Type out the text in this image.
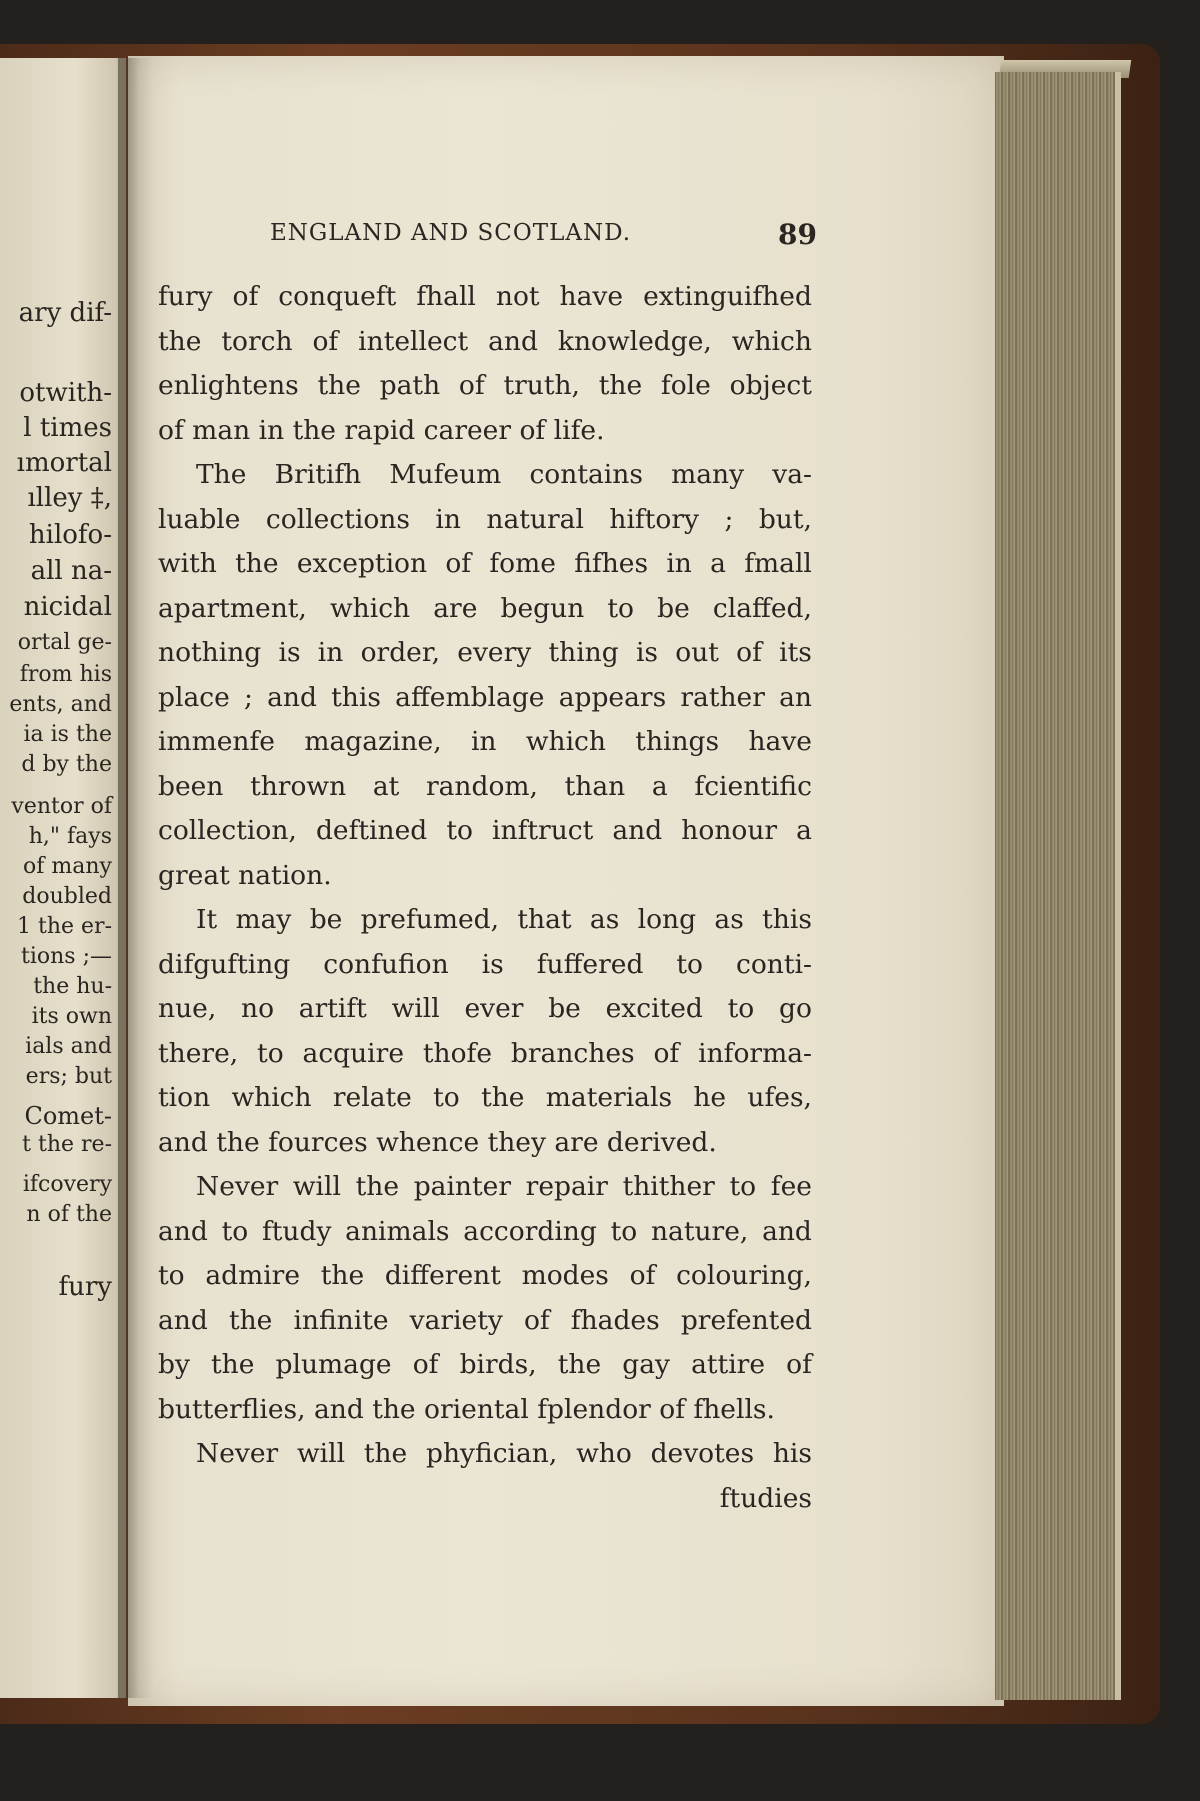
ary dif-
otwith-
l times
ımortal
ılley ‡,
hilofo-
all na-
nicidal
ortal ge-
from his
ents, and
ia is the
d by the
ventor of
h," fays
of many
doubled
1 the er-
tions ;—
the hu-
its own
ials and
ers; but
Comet-
t the re-
ifcovery
n of the
fury
ENGLAND AND SCOTLAND.	89
fury of conqueft fhall not have extinguifhed
the torch of intellect and knowledge, which
enlightens the path of truth, the fole object
of man in the rapid career of life.
The Britifh Mufeum contains many va-
luable collections in natural hiftory ; but,
with the exception of fome fifhes in a fmall
apartment, which are begun to be claffed,
nothing is in order, every thing is out of its
place ; and this affemblage appears rather an
immenfe magazine, in which things have
been thrown at random, than a fcientific
collection, deftined to inftruct and honour a
great nation.
It may be prefumed, that as long as this
difgufting confufion is fuffered to conti-
nue, no artift will ever be excited to go
there, to acquire thofe branches of informa-
tion which relate to the materials he ufes,
and the fources whence they are derived.
Never will the painter repair thither to fee
and to ftudy animals according to nature, and
to admire the different modes of colouring,
and the infinite variety of fhades prefented
by the plumage of birds, the gay attire of
butterflies, and the oriental fplendor of fhells.
Never will the phyfician, who devotes his
ftudies
